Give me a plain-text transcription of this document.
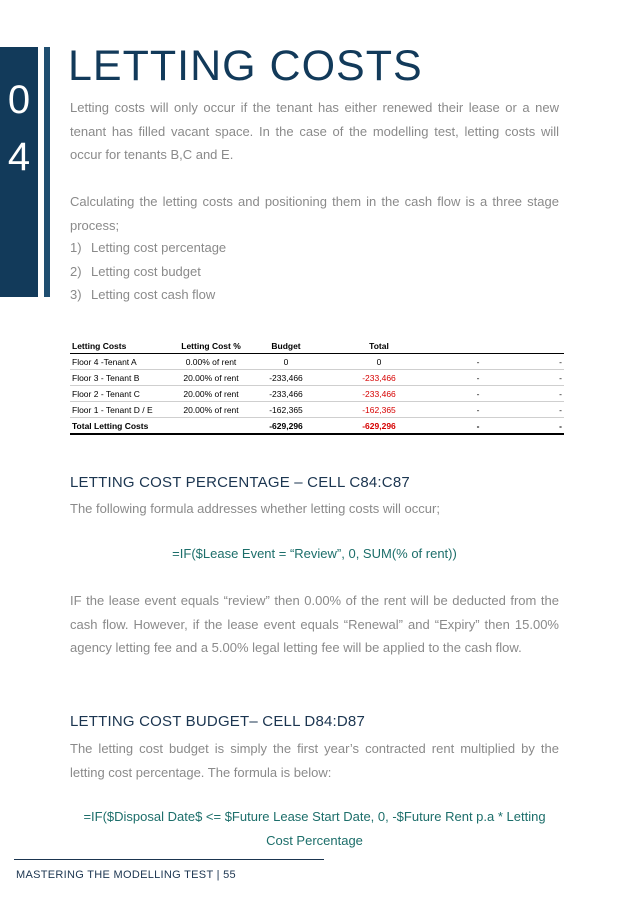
0
4
LETTING COSTS

Letting costs will only occur if the tenant has either renewed their lease or a new tenant has filled vacant space. In the case of the modelling test, letting costs will occur for tenants B,C and E.

Calculating the letting costs and positioning them in the cash flow is a three stage process;

1) Letting cost percentage
2) Letting cost budget
3) Letting cost cash flow
Letting Costs	Letting Cost %	Budget	Total		
Floor 4 -Tenant A	0.00% of rent	0	0	-	-
Floor 3 - Tenant B	20.00% of rent	-233,466	-233,466	-	-
Floor 2 - Tenant C	20.00% of rent	-233,466	-233,466	-	-
Floor 1 - Tenant D / E	20.00% of rent	-162,365	-162,365	-	-
Total Letting Costs		-629,296	-629,296	-	-
LETTING COST PERCENTAGE – CELL C84:C87

The following formula addresses whether letting costs will occur;

=IF($Lease Event = “Review”, 0, SUM(% of rent))

IF the lease event equals “review” then 0.00% of the rent will be deducted from the cash flow. However, if the lease event equals “Renewal” and “Expiry” then 15.00% agency letting fee and a 5.00% legal letting fee will be applied to the cash flow.

LETTING COST BUDGET– CELL D84:D87

The letting cost budget is simply the first year’s contracted rent multiplied by the letting cost percentage. The formula is below:

=IF($Disposal Date$ <= $Future Lease Start Date, 0, -$Future Rent p.a * Letting Cost Percentage

MASTERING THE MODELLING TEST | 55
